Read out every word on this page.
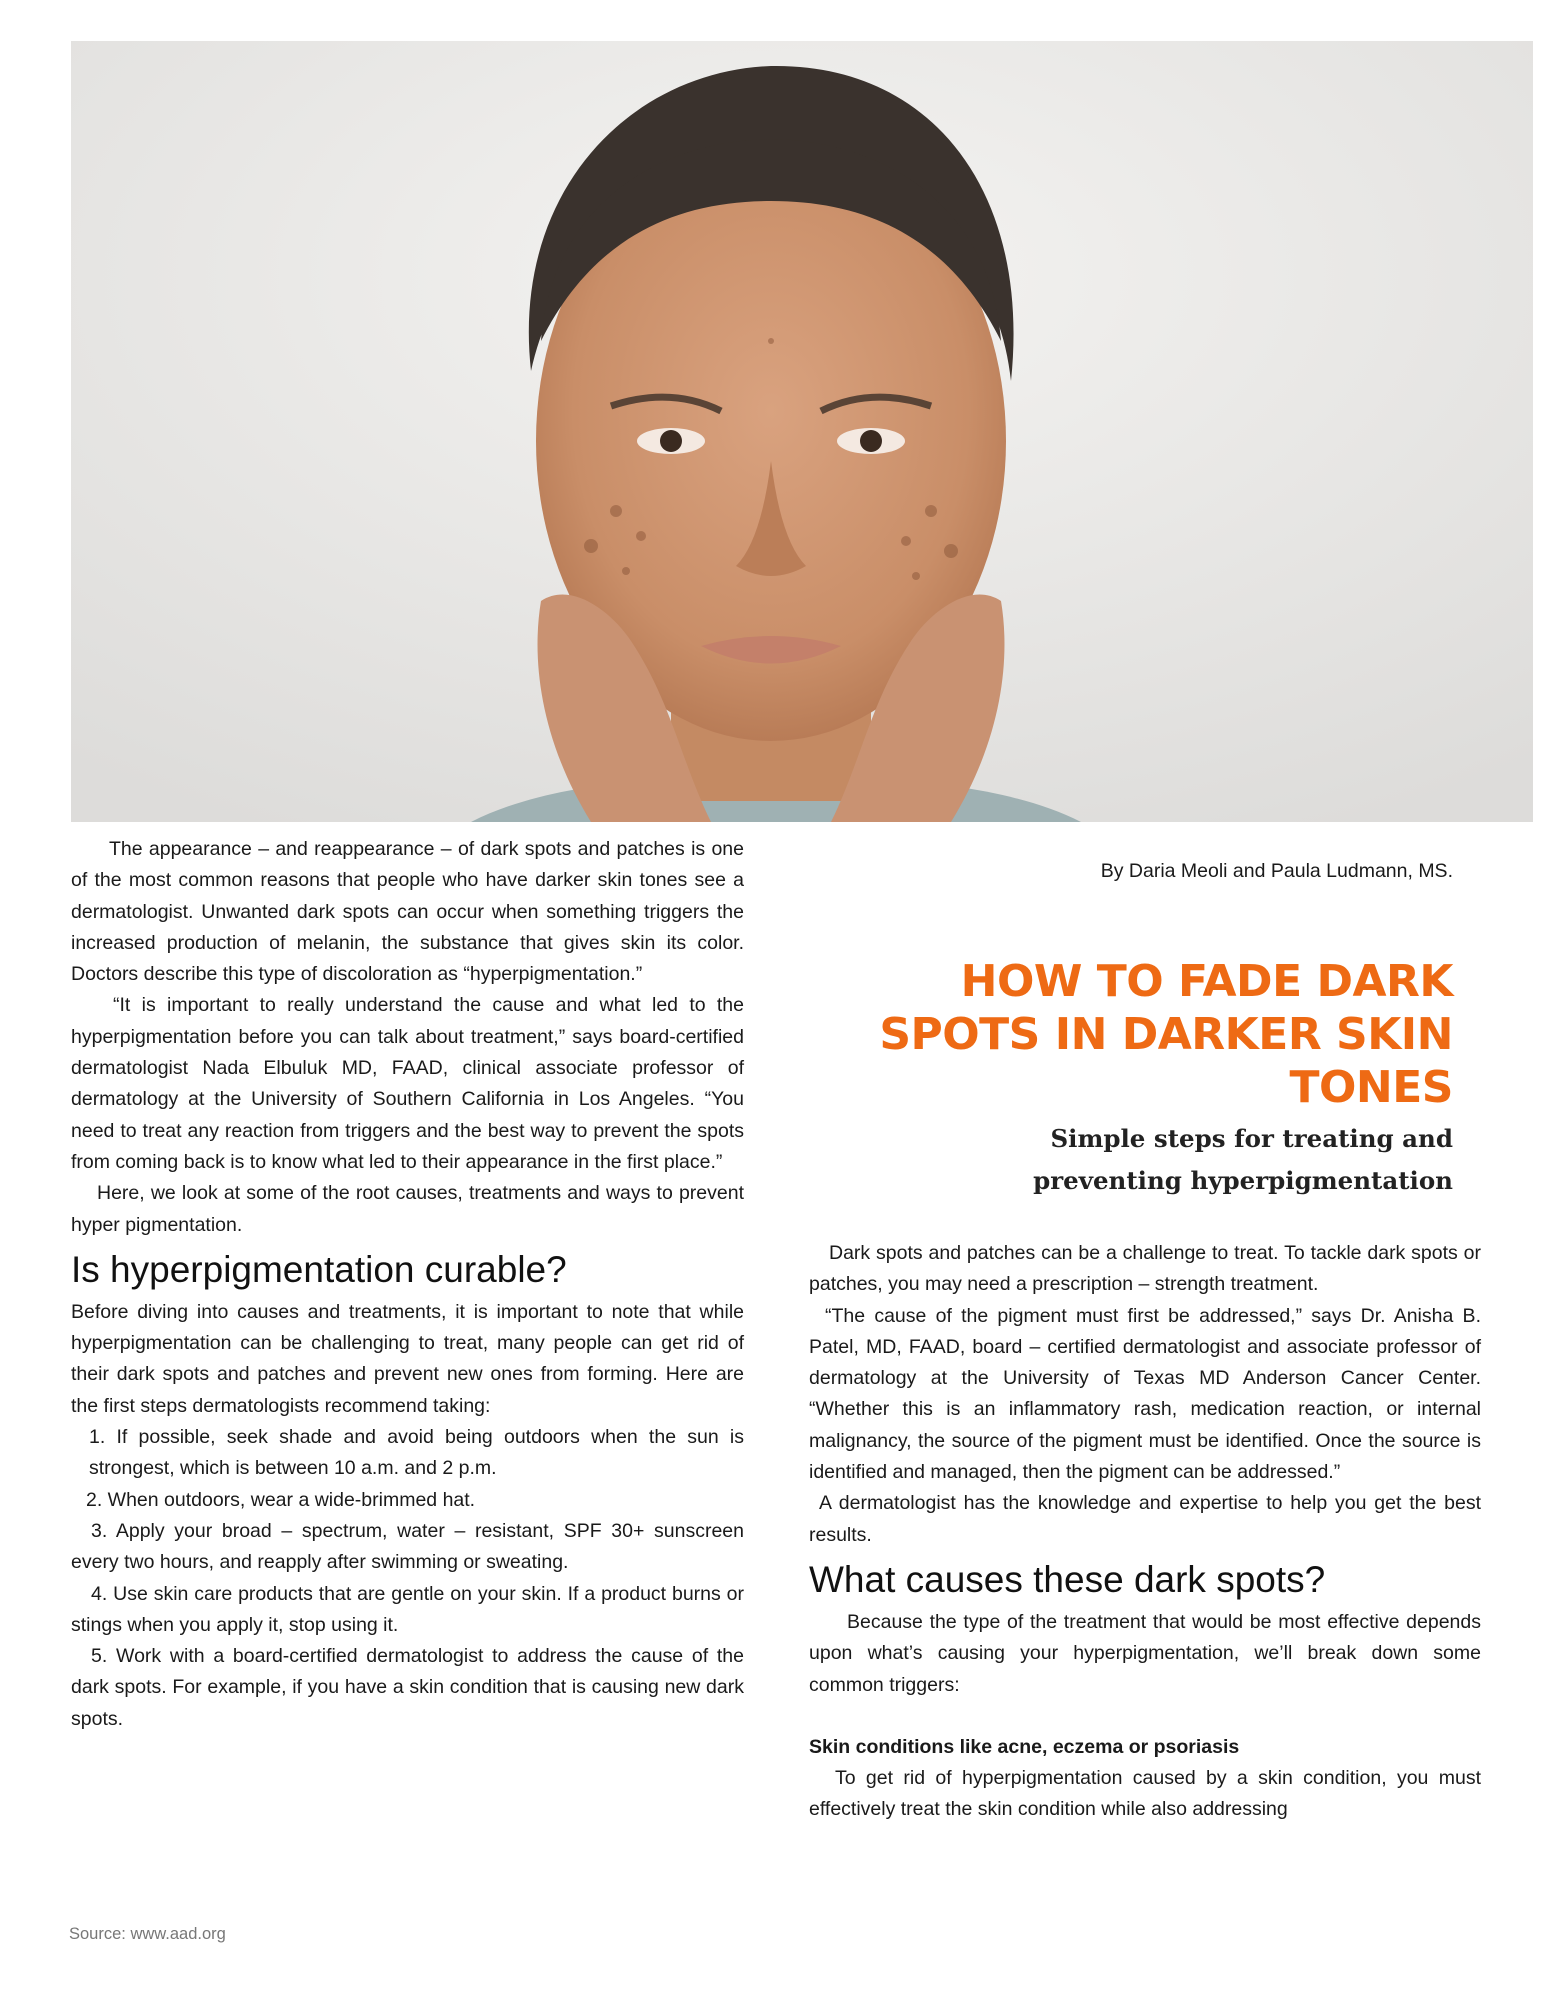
By Daria Meoli and Paula Ludmann, MS.
HOW TO FADE DARK SPOTS IN DARKER SKIN TONES
Simple steps for treating and preventing hyperpigmentation

The appearance – and reappearance – of dark spots and patches is one of the most common reasons that people who have darker skin tones see a dermatologist. Unwanted dark spots can occur when something triggers the increased production of melanin, the substance that gives skin its color. Doctors describe this type of discoloration as “hyperpigmentation.”

“It is important to really understand the cause and what led to the hyperpigmentation before you can talk about treatment,” says board-certified dermatologist Nada Elbuluk MD, FAAD, clinical associate professor of dermatology at the University of Southern California in Los Angeles. “You need to treat any reaction from triggers and the best way to prevent the spots from coming back is to know what led to their appearance in the first place.”

Here, we look at some of the root causes, treatments and ways to prevent hyper pigmentation.

Is hyperpigmentation curable?

Before diving into causes and treatments, it is important to note that while hyperpigmentation can be challenging to treat, many people can get rid of their dark spots and patches and prevent new ones from forming. Here are the first steps dermatologists recommend taking:

1. If possible, seek shade and avoid being outdoors when the sun is strongest, which is between 10 a.m. and 2 p.m.

2. When outdoors, wear a wide-brimmed hat.

3. Apply your broad – spectrum, water – resistant, SPF 30+ sunscreen every two hours, and reapply after swimming or sweating.

4. Use skin care products that are gentle on your skin. If a product burns or stings when you apply it, stop using it.

5. Work with a board-certified dermatologist to address the cause of the dark spots. For example, if you have a skin condition that is causing new dark spots.

Dark spots and patches can be a challenge to treat. To tackle dark spots or patches, you may need a prescription – strength treatment.

“The cause of the pigment must first be addressed,” says Dr. Anisha B. Patel, MD, FAAD, board – certified dermatologist and associate professor of dermatology at the University of Texas MD Anderson Cancer Center. “Whether this is an inflammatory rash, medication reaction, or internal malignancy, the source of the pigment must be identified. Once the source is identified and managed, then the pigment can be addressed.”

A dermatologist has the knowledge and expertise to help you get the best results.

What causes these dark spots?

Because the type of the treatment that would be most effective depends upon what’s causing your hyperpigmentation, we’ll break down some common triggers:

Skin conditions like acne, eczema or psoriasis

To get rid of hyperpigmentation caused by a skin condition, you must effectively treat the skin condition while also addressing

Source: www.aad.org
